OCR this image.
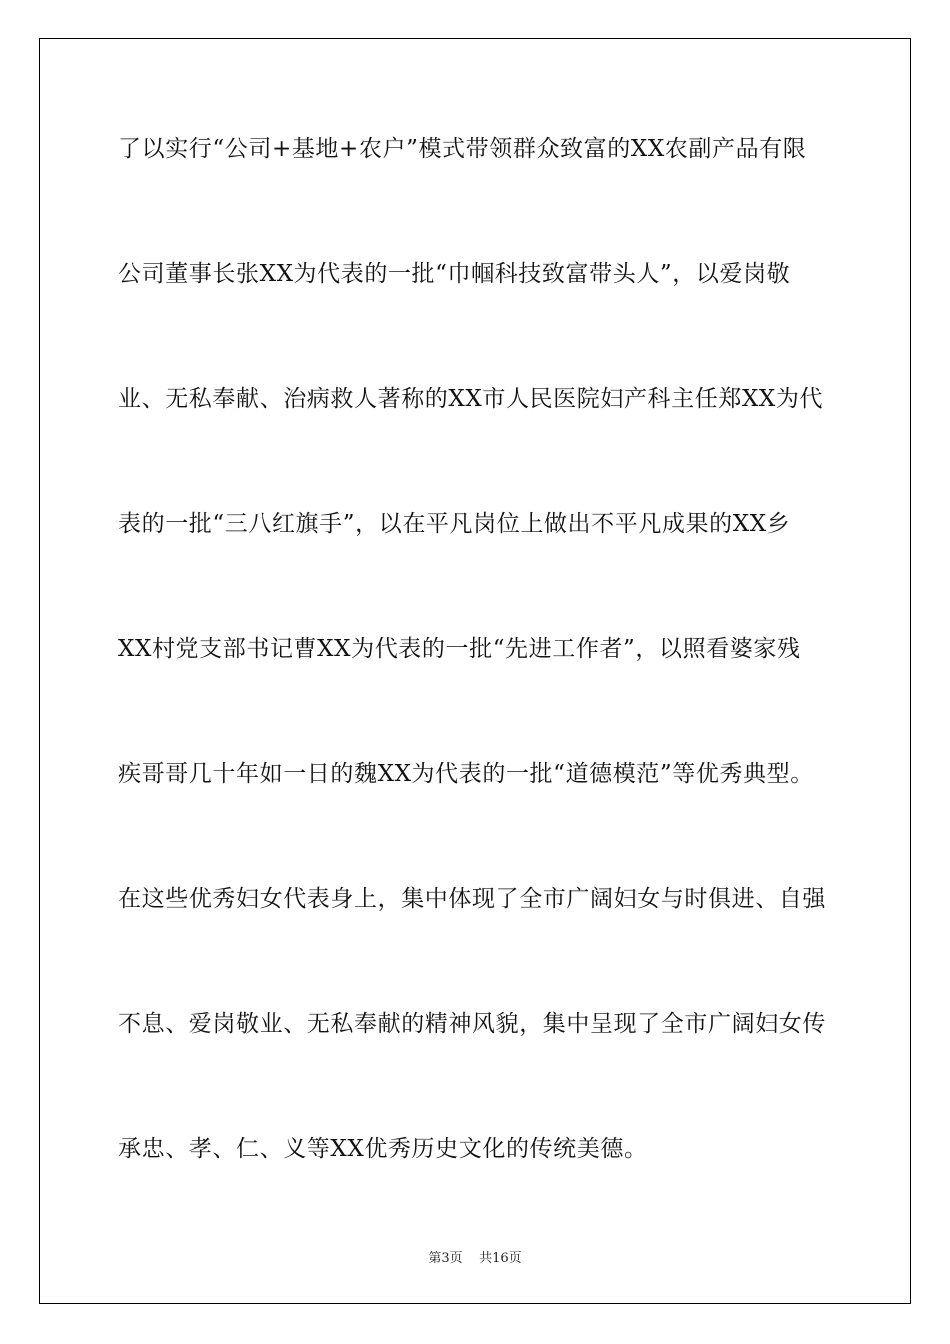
了以实行“公司+基地+农户”模式带领群众致富的XX农副产品有限
公司董事长张XX为代表的一批“巾帼科技致富带头人”，以爱岗敬
业、无私奉献、治病救人著称的XX市人民医院妇产科主任郑XX为代
表的一批“三八红旗手”，以在平凡岗位上做出不平凡成果的XX乡
XX村党支部书记曹XX为代表的一批“先进工作者”，以照看婆家残
疾哥哥几十年如一日的魏XX为代表的一批“道德模范”等优秀典型。
在这些优秀妇女代表身上，集中体现了全市广阔妇女与时俱进、自强
不息、爱岗敬业、无私奉献的精神风貌，集中呈现了全市广阔妇女传
承忠、孝、仁、义等XX优秀历史文化的传统美德。
第3页    共16页
